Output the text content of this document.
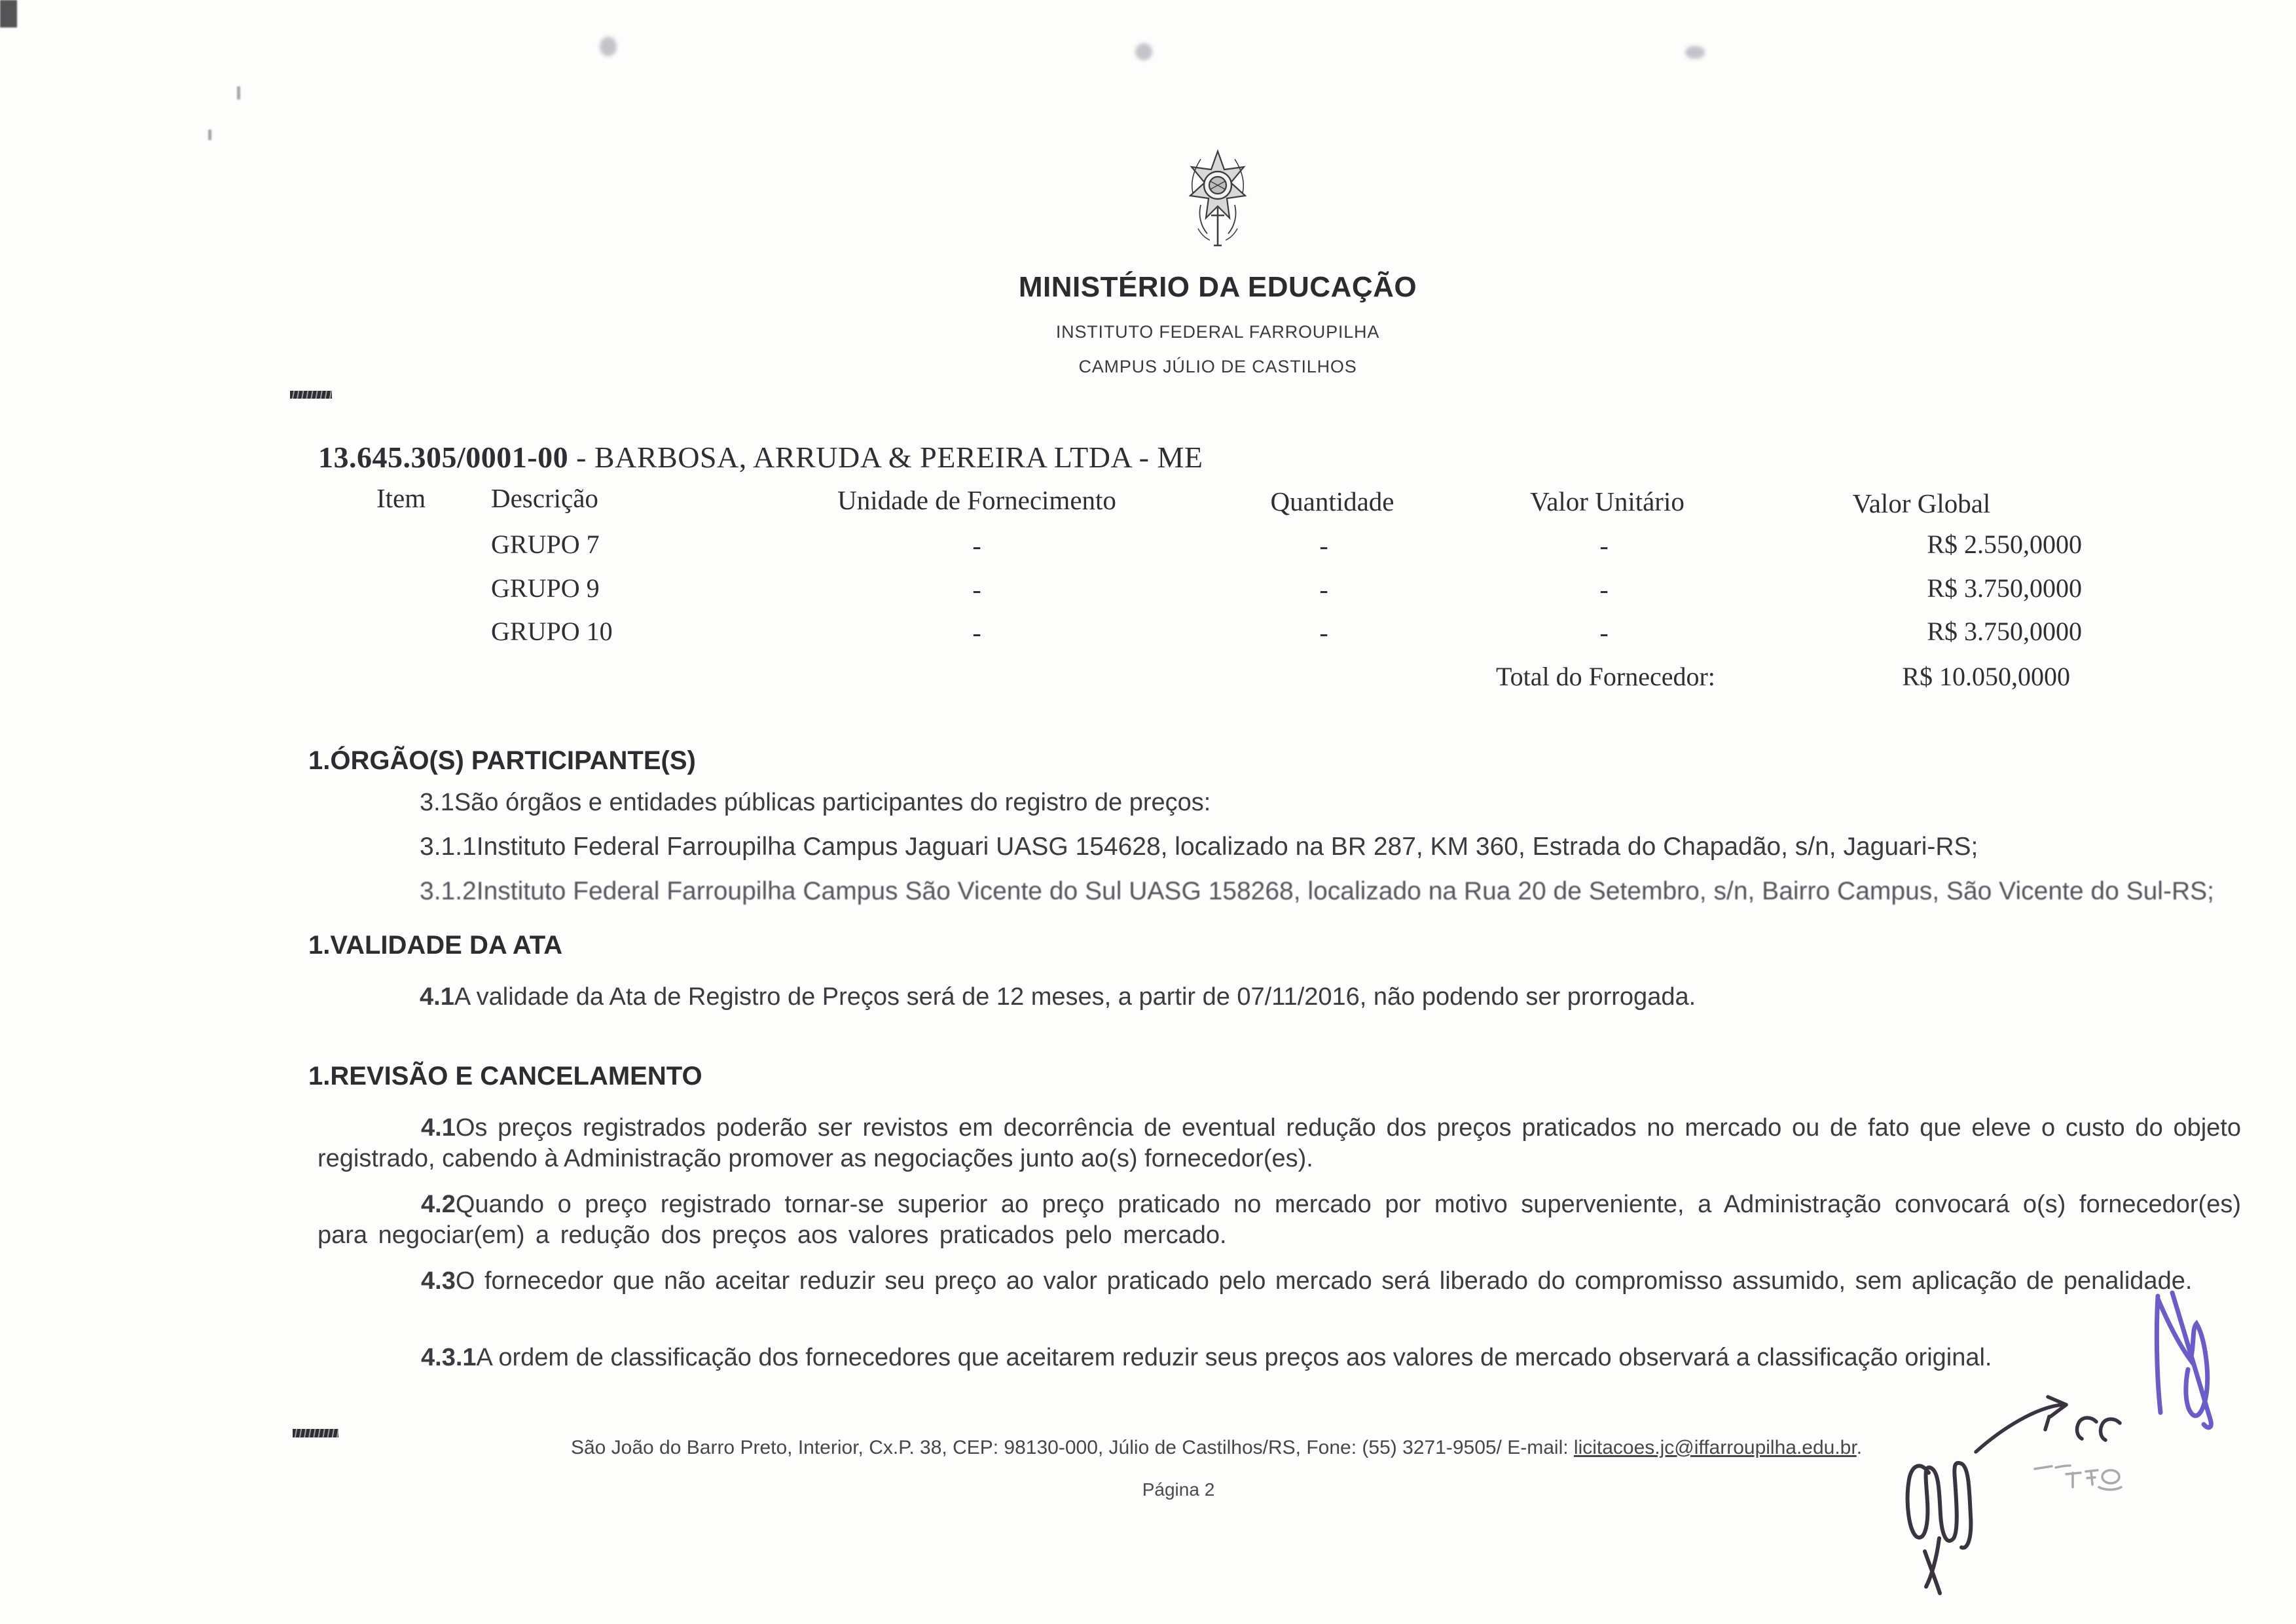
MINISTÉRIO DA EDUCAÇÃO
INSTITUTO FEDERAL FARROUPILHA
CAMPUS JÚLIO DE CASTILHOS
13.645.305/0001-00 - BARBOSA, ARRUDA & PEREIRA LTDA - ME
Item Descrição	Unidade de Fornecimento	Quantidade	Valor Unitário	Valor Global
GRUPO 7	-	-	-	R$ 2.550,0000
GRUPO 9	-	-	-	R$ 3.750,0000
GRUPO 10	-	-	-	R$ 3.750,0000
Total do Fornecedor:	R$ 10.050,0000
1.ÓRGÃO(S) PARTICIPANTE(S)
3.1São órgãos e entidades públicas participantes do registro de preços:
3.1.1Instituto Federal Farroupilha Campus Jaguari UASG 154628, localizado na BR 287, KM 360, Estrada do Chapadão, s/n, Jaguari-RS;
3.1.2Instituto Federal Farroupilha Campus São Vicente do Sul UASG 158268, localizado na Rua 20 de Setembro, s/n, Bairro Campus, São Vicente do Sul-RS;
1.VALIDADE DA ATA
4.1A validade da Ata de Registro de Preços será de 12 meses, a partir de 07/11/2016, não podendo ser prorrogada.
1.REVISÃO E CANCELAMENTO

4.1Os preços registrados poderão ser revistos em decorrência de eventual redução dos preços praticados no mercado ou de fato que eleve o custo do objeto registrado, cabendo à Administração promover as negociações junto ao(s) fornecedor(es).

4.2Quando o preço registrado tornar-se superior ao preço praticado no mercado por motivo superveniente, a Administração convocará o(s) fornecedor(es) para negociar(em) a redução dos preços aos valores praticados pelo mercado.

4.3O fornecedor que não aceitar reduzir seu preço ao valor praticado pelo mercado será liberado do compromisso assumido, sem aplicação de penalidade.

4.3.1A ordem de classificação dos fornecedores que aceitarem reduzir seus preços aos valores de mercado observará a classificação original.

São João do Barro Preto, Interior, Cx.P. 38, CEP: 98130-000, Júlio de Castilhos/RS, Fone: (55) 3271-9505/ E-mail: licitacoes.jc@iffarroupilha.edu.br.
Página 2
